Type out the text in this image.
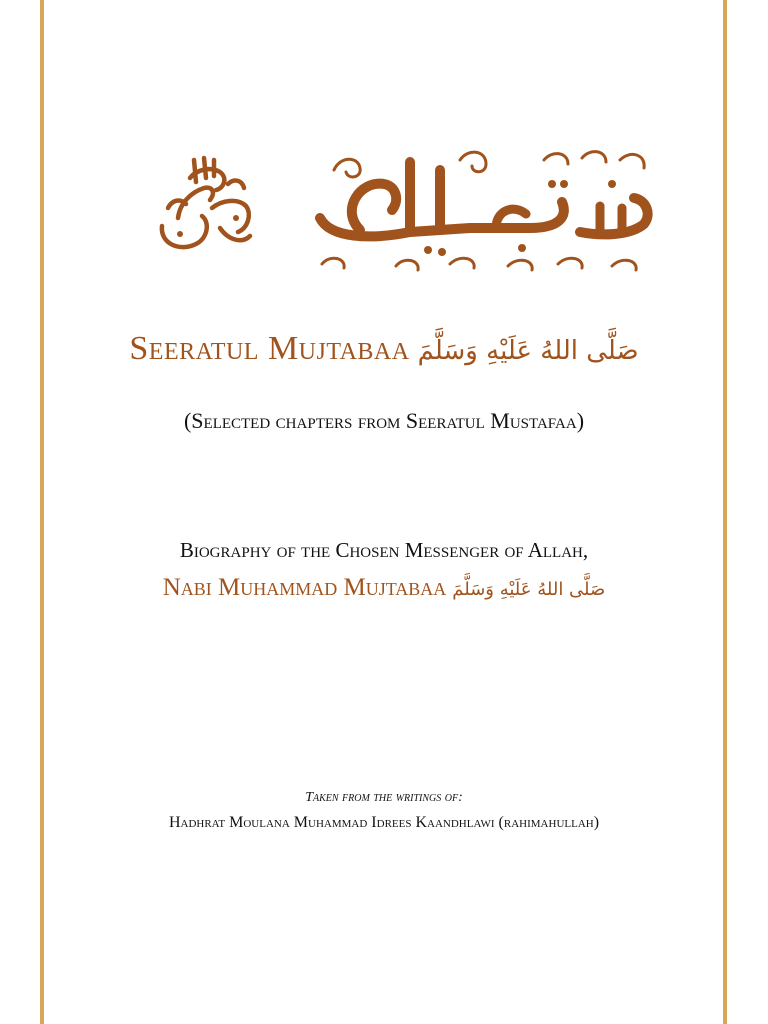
Seeratul Mujtabaa صَلَّى اللهُ عَلَيْهِ وَسَلَّمَ
(Selected chapters from Seeratul Mustafaa)
Biography of the Chosen Messenger of Allah,
Nabi Muhammad Mujtabaa صَلَّى اللهُ عَلَيْهِ وَسَلَّمَ
Taken from the writings of:
Hadhrat Moulana Muhammad Idrees Kaandhlawi (rahimahullah)
